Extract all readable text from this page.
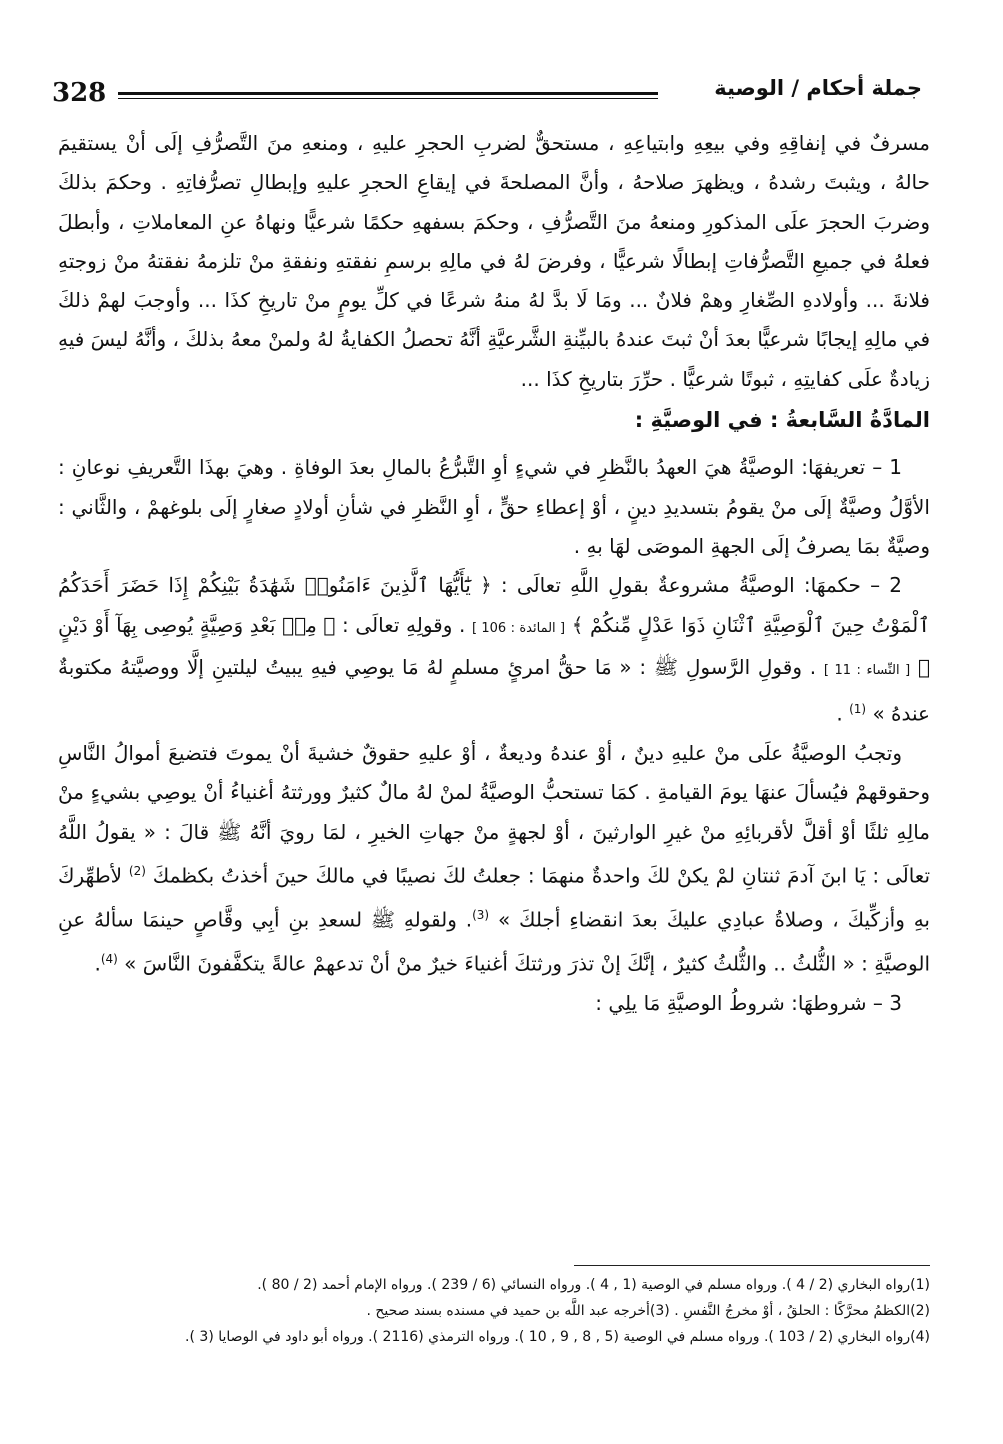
328	جملة أحكام / الوصية

مسرفٌ في إنفاقِهِ وفي بيعِهِ وابتياعِهِ ، مستحقٌّ لضربِ الحجرِ عليهِ ، ومنعهِ منَ التَّصرُّفِ إلَى أنْ يستقيمَ حالهُ ، ويثبتَ رشدهُ ، ويظهرَ صلاحهُ ، وأنَّ المصلحةَ في إيقاعِ الحجرِ عليهِ وإبطالِ تصرُّفاتِهِ . وحكمَ بذلكَ وضربَ الحجرَ علَى المذكورِ ومنعهُ منَ التَّصرُّفِ ، وحكمَ بسفههِ حكمًا شرعيًّا ونهاهُ عنِ المعاملاتِ ، وأبطلَ فعلهُ في جميعِ التَّصرُّفاتِ إبطالًا شرعيًّا ، وفرضَ لهُ في مالِهِ برسمِ نفقتهِ ونفقةِ منْ تلزمهُ نفقتهُ منْ زوجتهِ فلانةَ ... وأولادهِ الصِّغارِ وهمْ فلانٌ ... ومَا لَا بدَّ لهُ منهُ شرعًا في كلِّ يومٍ منْ تاريخِ كذَا ... وأوجبَ لهمْ ذلكَ في مالِهِ إيجابًا شرعيًّا بعدَ أنْ ثبتَ عندهُ بالبيِّنةِ الشَّرعيَّةِ أنَّهُ تحصلُ الكفايةُ لهُ ولمنْ معهُ بذلكَ ، وأنَّهُ ليسَ فيهِ زيادةٌ علَى كفايتِهِ ، ثبوتًا شرعيًّا . حرِّرَ بتاريخِ كذَا ...

المادَّةُ السَّابعةُ : في الوصيَّةِ :

1 – تعريفهَا: الوصيَّةُ هيَ العهدُ بالنَّظرِ في شيءٍ أوِ التَّبرُّعُ بالمالِ بعدَ الوفاةِ . وهيَ بهذَا التَّعريفِ نوعانِ : الأوَّلُ وصيَّةٌ إلَى منْ يقومُ بتسديدِ دينٍ ، أوْ إعطاءِ حقٍّ ، أوِ النَّظرِ في شأنِ أولادٍ صغارٍ إلَى بلوغهمْ ، والثَّاني : وصيَّةٌ بمَا يصرفُ إلَى الجهةِ الموصَى لهَا بهِ .

2 – حكمهَا: الوصيَّةُ مشروعةٌ بقولِ اللَّهِ تعالَى : ﴿ يَٰٓأَيُّهَا ٱلَّذِينَ ءَامَنُوا۟ شَهَٰدَةُ بَيْنِكُمْ إِذَا حَضَرَ أَحَدَكُمُ ٱلْمَوْتُ حِينَ ٱلْوَصِيَّةِ ٱثْنَانِ ذَوَا عَدْلٍ مِّنكُمْ ﴾ [ المائدة : 106 ] . وقولِهِ تعالَى : ﴿ مِنۢ بَعْدِ وَصِيَّةٍ يُوصِى بِهَآ أَوْ دَيْنٍ ﴾ [ النِّساء : 11 ] . وقولِ الرَّسولِ ﷺ : « مَا حقُّ امرئٍ مسلمٍ لهُ مَا يوصِي فيهِ يبيتُ ليلتينِ إلَّا ووصيَّتهُ مكتوبةٌ عندهُ » $^{(1)}$ .

وتجبُ الوصيَّةُ علَى منْ عليهِ دينٌ ، أوْ عندهُ وديعةٌ ، أوْ عليهِ حقوقٌ خشيةَ أنْ يموتَ فتضيعَ أموالُ النَّاسِ وحقوقهمْ فيُسألَ عنهَا يومَ القيامةِ . كمَا تستحبُّ الوصيَّةُ لمنْ لهُ مالٌ كثيرٌ وورثتهُ أغنياءُ أنْ يوصِي بشيءٍ منْ مالِهِ ثلثًا أوْ أقلَّ لأقربائِهِ منْ غيرِ الوارثينَ ، أوْ لجهةٍ منْ جهاتِ الخيرِ ، لمَا رويَ أنَّهُ ﷺ قالَ : « يقولُ اللَّهُ تعالَى : يَا ابنَ آدمَ ثنتانِ لمْ يكنْ لكَ واحدةٌ منهمَا : جعلتُ لكَ نصيبًا في مالكَ حينَ أخذتُ بكظمكَ $^{(2)}$ لأطهِّركَ بهِ وأزكِّيكَ ، وصلاةُ عبادِي عليكَ بعدَ انقضاءِ أجلكَ » $^{(3)}$. ولقولهِ ﷺ لسعدِ بنِ أبِي وقَّاصٍ حينمَا سألهُ عنِ الوصيَّةِ : « الثُّلثُ .. والثُّلثُ كثيرٌ ، إنَّكَ إنْ تذرَ ورثتكَ أغنياءَ خيرٌ منْ أنْ تدعهمْ عالةً يتكفَّفونَ النَّاسَ » $^{(4)}$.

3 – شروطهَا: شروطُ الوصيَّةِ مَا يلِي :

(1)رواه البخاري (2 / 4 ). ورواه مسلم في الوصية (1 , 4 ). ورواه النسائي (6 / 239 ). ورواه الإمام أحمد (2 / 80 ).

(2)الكظمُ محرَّكًا : الحلقُ ، أوْ مخرجُ النَّفسِ . (3)أخرجه عبد اللَّه بن حميد في مسنده بسند صحيح .

(4)رواه البخاري (2 / 103 ). ورواه مسلم في الوصية (5 , 8 , 9 , 10 ). ورواه الترمذي (2116 ). ورواه أبو داود في الوصايا (3 ).
